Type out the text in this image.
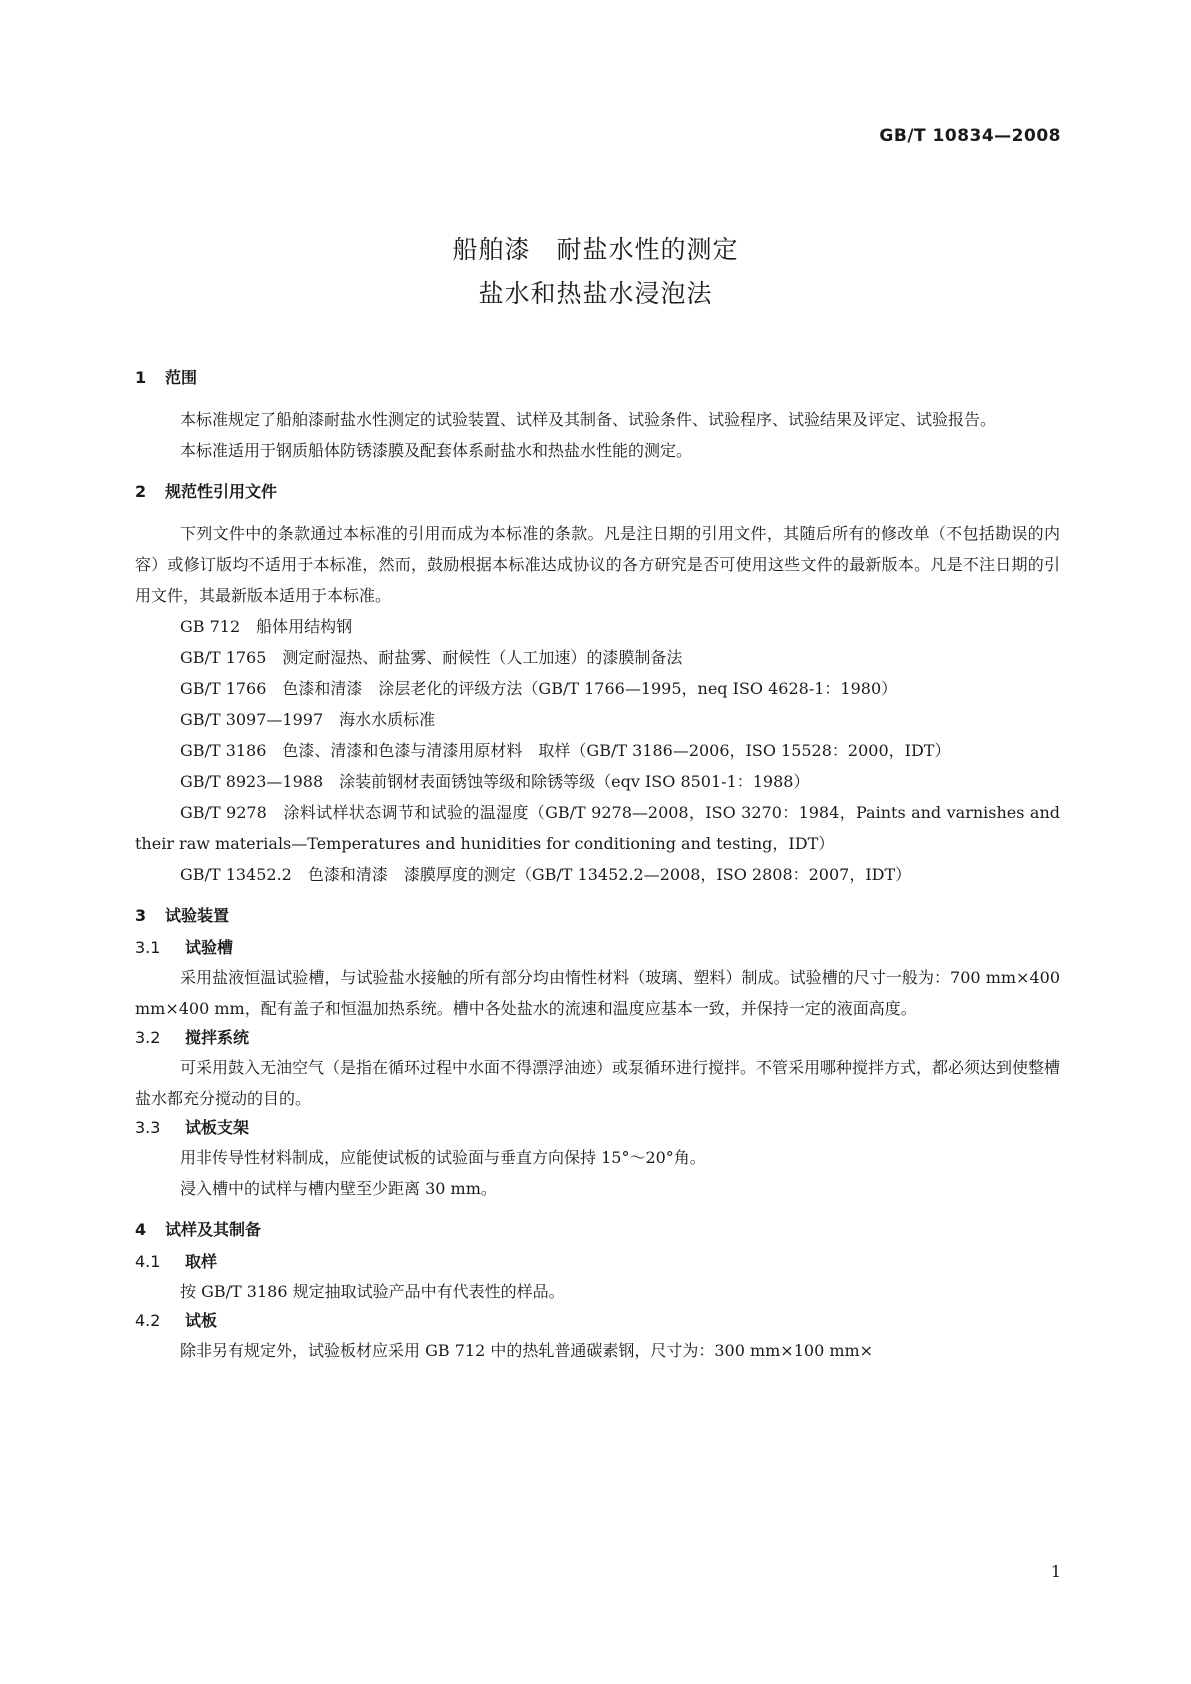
GB/T 10834—2008
船舶漆　耐盐水性的测定
盐水和热盐水浸泡法
1 范围

本标准规定了船舶漆耐盐水性测定的试验装置、试样及其制备、试验条件、试验程序、试验结果及评定、试验报告。

本标准适用于钢质船体防锈漆膜及配套体系耐盐水和热盐水性能的测定。

2 规范性引用文件

下列文件中的条款通过本标准的引用而成为本标准的条款。凡是注日期的引用文件，其随后所有的修改单（不包括勘误的内容）或修订版均不适用于本标准，然而，鼓励根据本标准达成协议的各方研究是否可使用这些文件的最新版本。凡是不注日期的引用文件，其最新版本适用于本标准。

GB 712　船体用结构钢

GB/T 1765　测定耐湿热、耐盐雾、耐候性（人工加速）的漆膜制备法

GB/T 1766　色漆和清漆　涂层老化的评级方法（GB/T 1766—1995，neq ISO 4628-1：1980）

GB/T 3097—1997　海水水质标准

GB/T 3186　色漆、清漆和色漆与清漆用原材料　取样（GB/T 3186—2006，ISO 15528：2000，IDT）

GB/T 8923—1988　涂装前钢材表面锈蚀等级和除锈等级（eqv ISO 8501-1：1988）

GB/T 9278　涂料试样状态调节和试验的温湿度（GB/T 9278—2008，ISO 3270：1984，Paints and varnishes and their raw materials—Temperatures and hunidities for conditioning and testing，IDT）

GB/T 13452.2　色漆和清漆　漆膜厚度的测定（GB/T 13452.2—2008，ISO 2808：2007，IDT）

3 试验装置
3.1 试验槽

采用盐液恒温试验槽，与试验盐水接触的所有部分均由惰性材料（玻璃、塑料）制成。试验槽的尺寸一般为：700 mm×400 mm×400 mm，配有盖子和恒温加热系统。槽中各处盐水的流速和温度应基本一致，并保持一定的液面高度。

3.2 搅拌系统

可采用鼓入无油空气（是指在循环过程中水面不得漂浮油迹）或泵循环进行搅拌。不管采用哪种搅拌方式，都必须达到使整槽盐水都充分搅动的目的。

3.3 试板支架

用非传导性材料制成，应能使试板的试验面与垂直方向保持 15°～20°角。

浸入槽中的试样与槽内壁至少距离 30 mm。

4 试样及其制备
4.1 取样

按 GB/T 3186 规定抽取试验产品中有代表性的样品。

4.2 试板

除非另有规定外，试验板材应采用 GB 712 中的热轧普通碳素钢，尺寸为：300 mm×100 mm×

1
